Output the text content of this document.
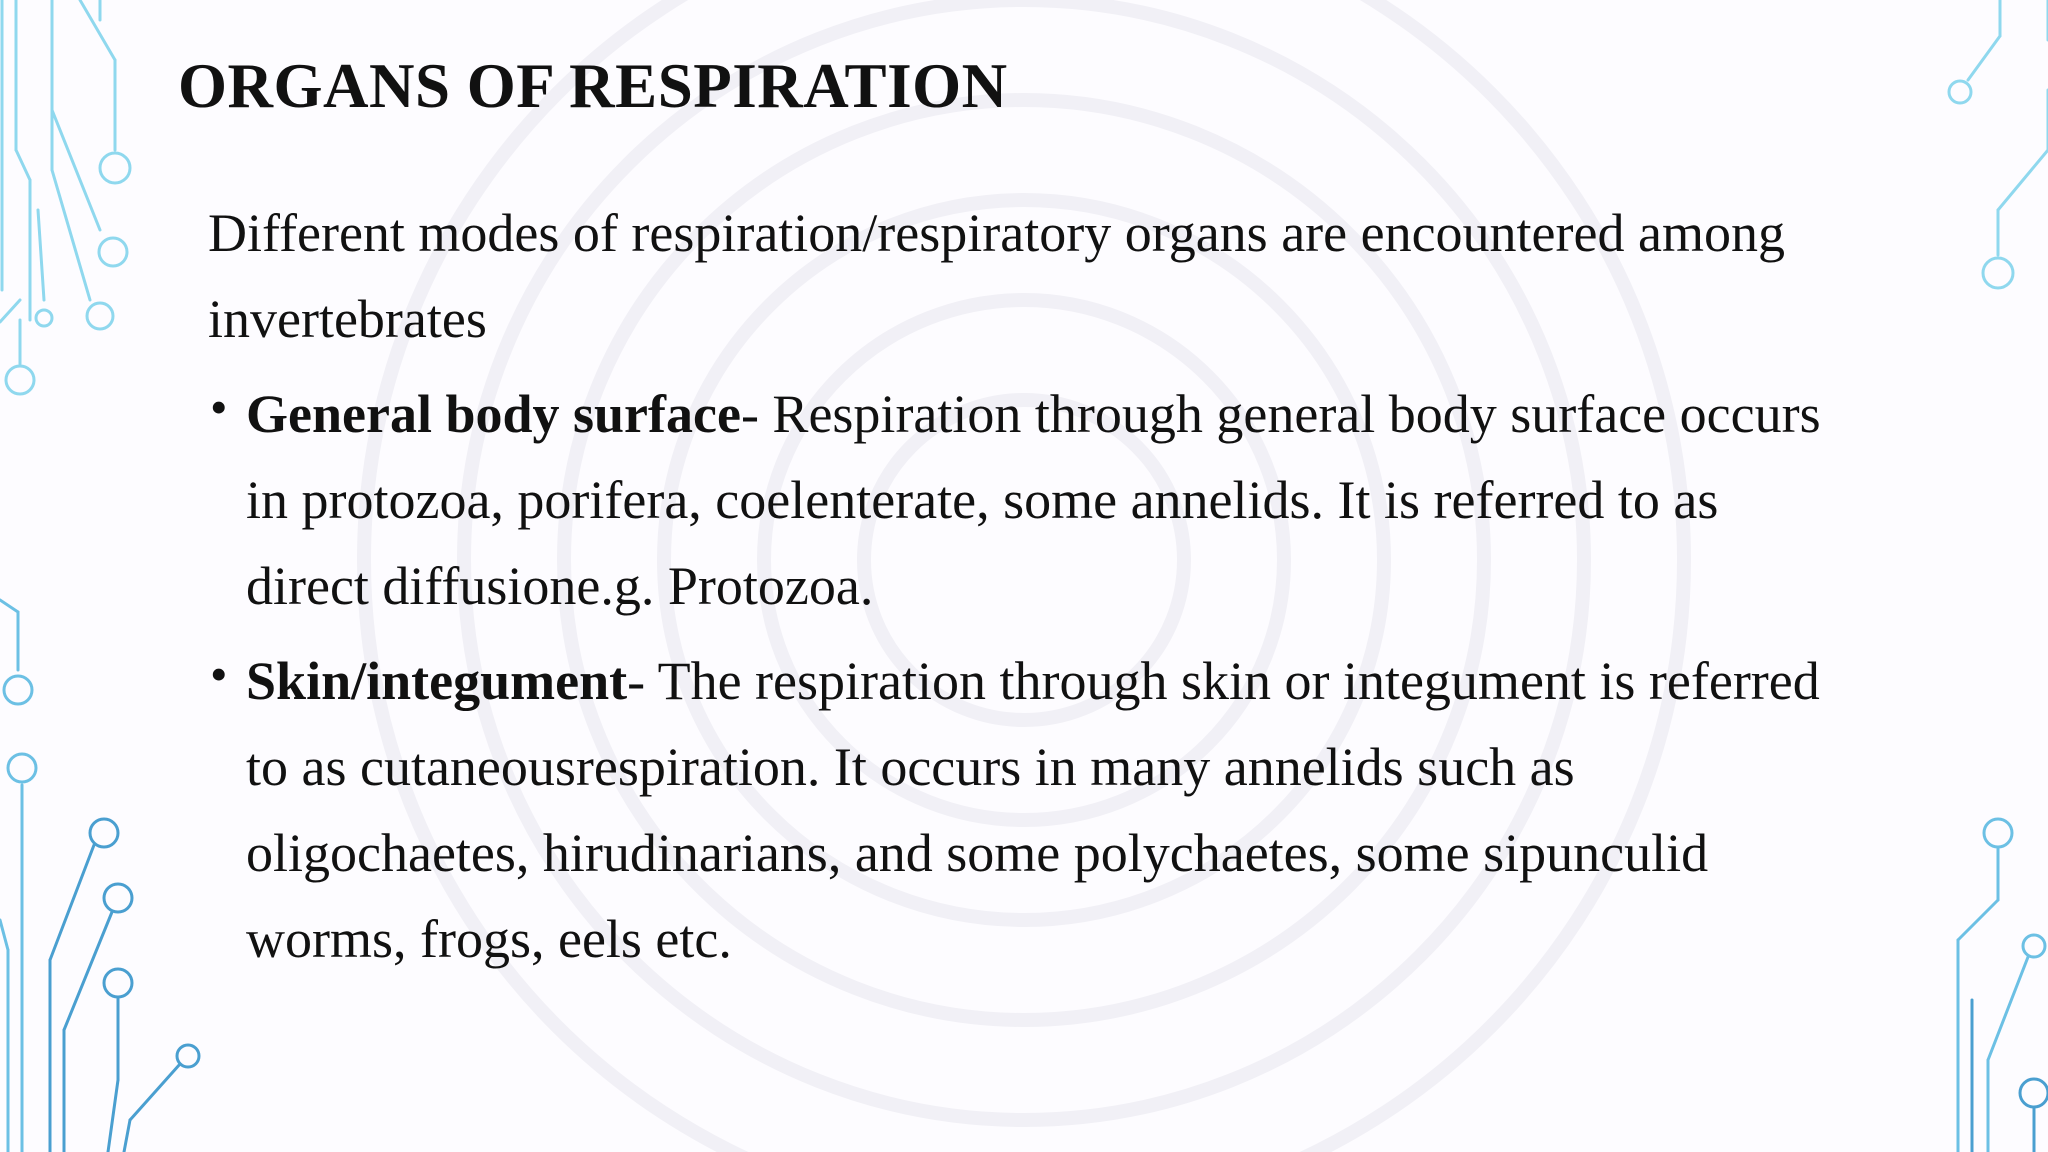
ORGANS OF RESPIRATION

Different modes of respiration/respiratory organs are encountered among invertebrates

• General body surface- Respiration through general body surface occurs in protozoa, porifera, coelenterate, some annelids. It is referred to as direct diffusione.g. Protozoa.
• Skin/integument- The respiration through skin or integument is referred to as cutaneousrespiration. It occurs in many annelids such as oligochaetes, hirudinarians, and some polychaetes, some sipunculid worms, frogs, eels etc.
